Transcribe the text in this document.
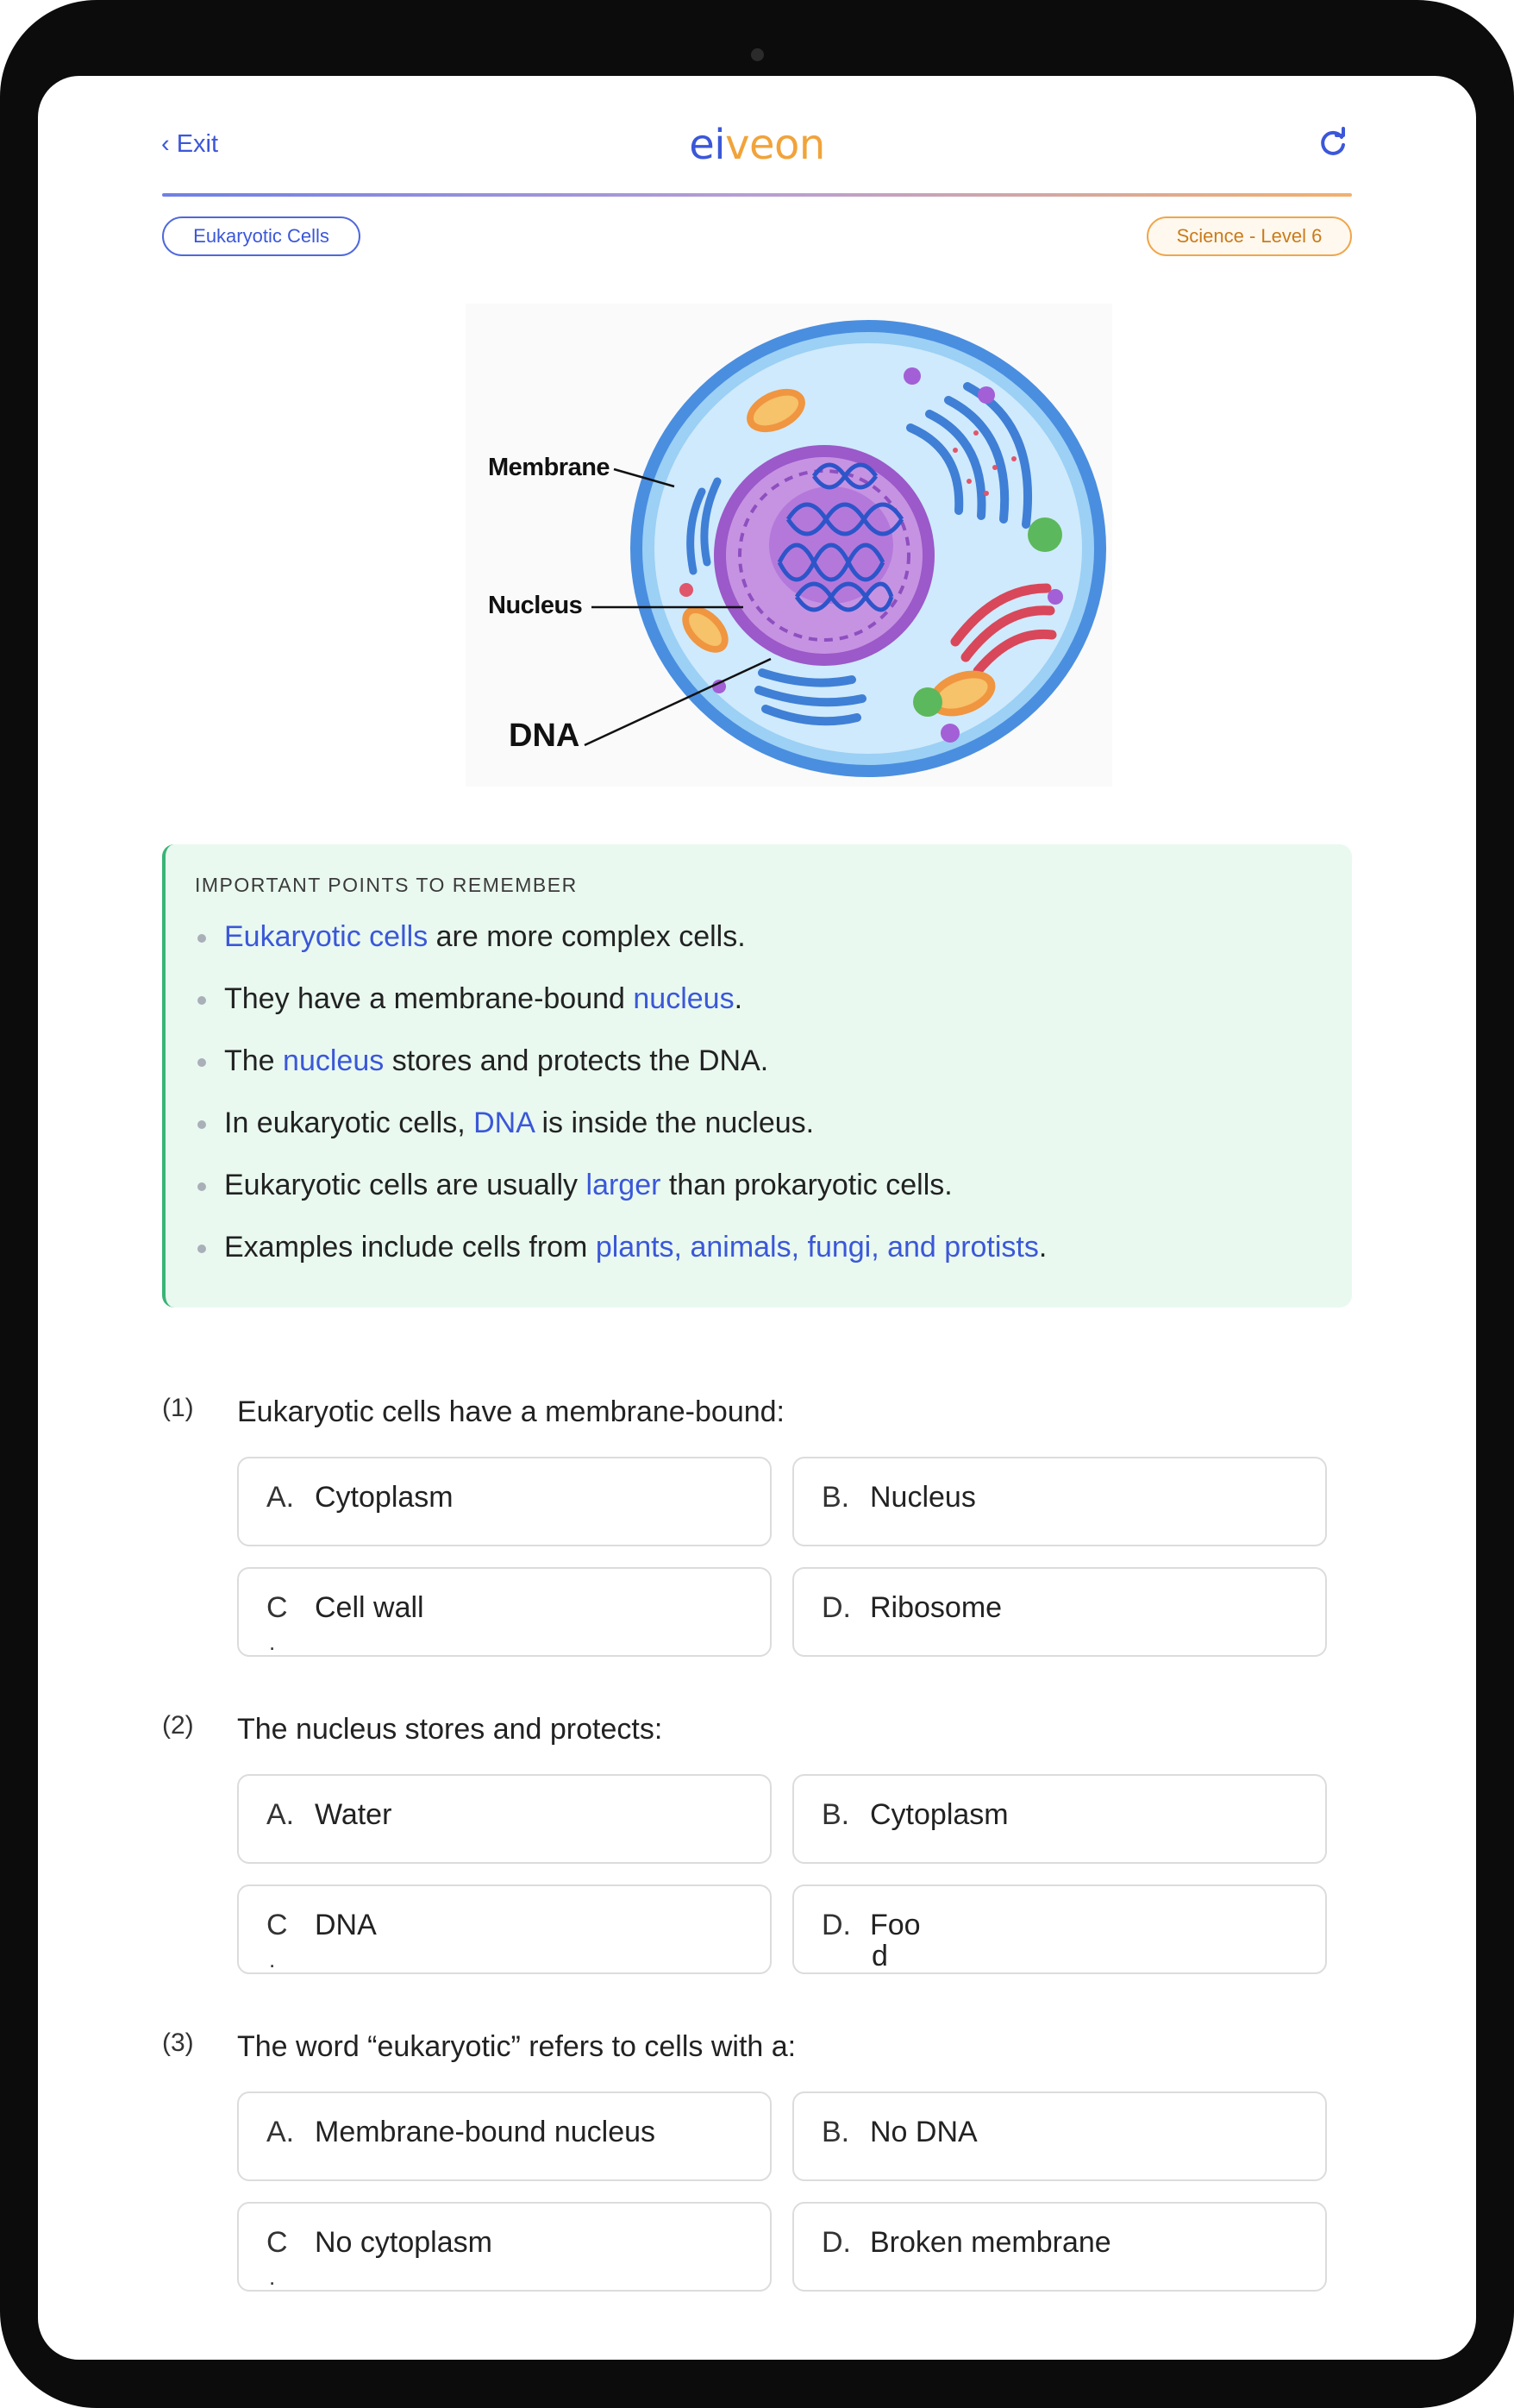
‹ Exit	eiveon
Eukaryotic Cells	Science - Level 6
Membrane
Nucleus
DNA
IMPORTANT POINTS TO REMEMBER
Eukaryotic cells are more complex cells.
They have a membrane-bound nucleus.
The nucleus stores and protects the DNA.
In eukaryotic cells, DNA is inside the nucleus.
Eukaryotic cells are usually larger than prokaryotic cells.
Examples include cells from plants, animals, fungi, and protists.
(1) Eukaryotic cells have a membrane-bound:
A. Cytoplasm	B. Nucleus
C
.
Cell wall	D. Ribosome
(2) The nucleus stores and protects:
A. Water	B. Cytoplasm
C
.
DNA	D. Foo
d
(3) The word “eukaryotic” refers to cells with a:
A. Membrane-bound nucleus	B. No DNA
C
.
No cytoplasm	D. Broken membrane
